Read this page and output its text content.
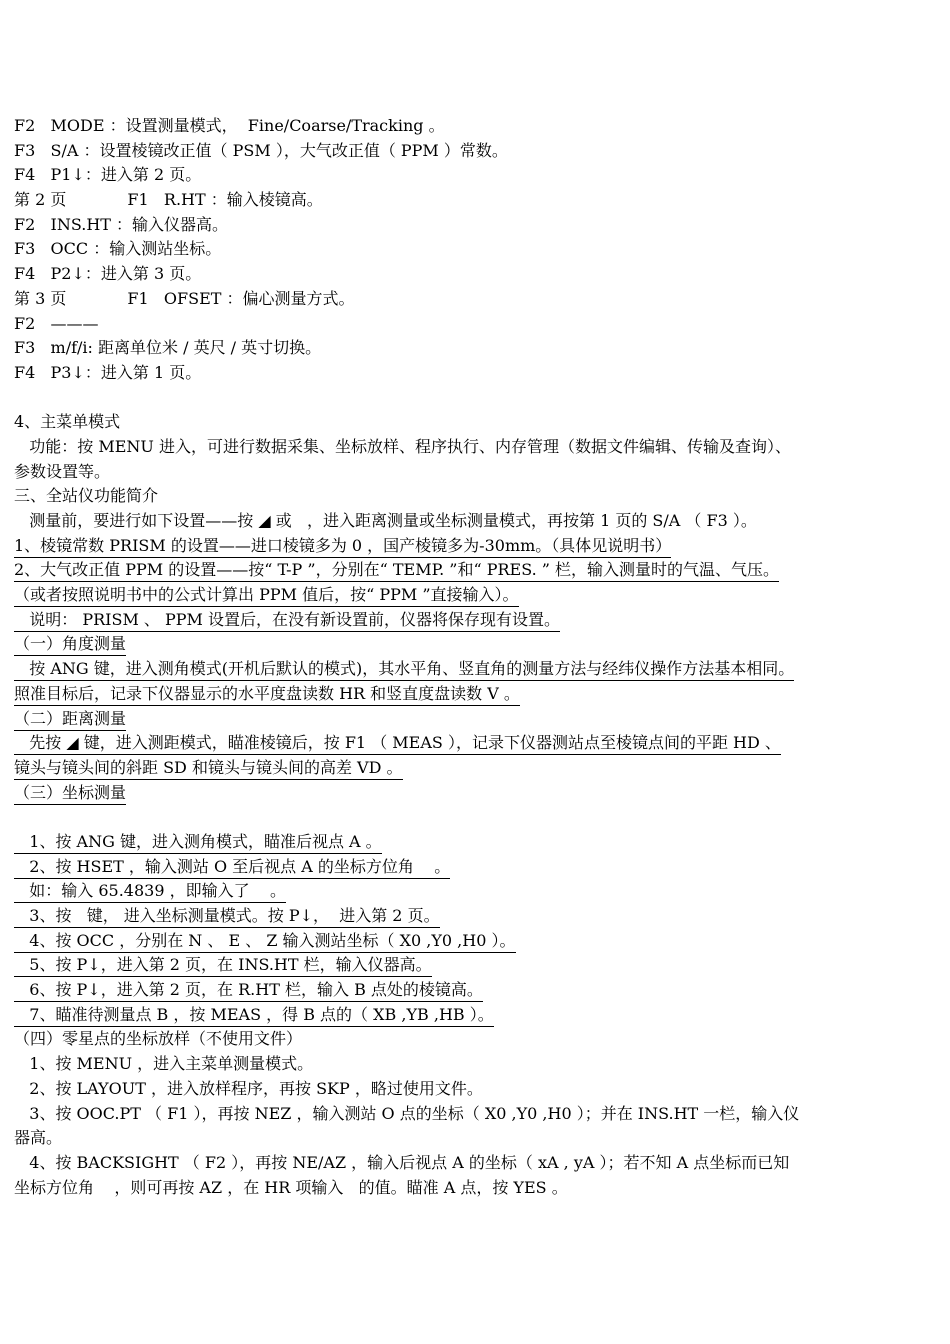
F2   MODE ：设置测量模式，  Fine/Coarse/Tracking 。
F3   S/A ：设置棱镜改正值（ PSM ），大气改正值（ PPM ）常数。
F4   P1↓：进入第 2 页。
第 2 页            F1   R.HT ：输入棱镜高。
F2   INS.HT ：输入仪器高。
F3   OCC ：输入测站坐标。
F4   P2↓：进入第 3 页。
第 3 页            F1   OFSET ：偏心测量方式。
F2   ———
F3   m/f/i: 距离单位米 / 英尺 / 英寸切换。
F4   P3↓：进入第 1 页。
4、主菜单模式
功能：按 MENU 进入，可进行数据采集、坐标放样、程序执行、内存管理（数据文件编辑、传输及查询）、
参数设置等。
三、全站仪功能简介
测量前，要进行如下设置——按 ◢ 或   ，进入距离测量或坐标测量模式，再按第 1 页的 S/A （ F3 ）。
1、棱镜常数 PRISM 的设置——进口棱镜多为 0 ，国产棱镜多为-30mm。（具体见说明书）
2、大气改正值 PPM 的设置——按“ T-P ”，分别在“ TEMP. ”和“ PRES. ” 栏，输入测量时的气温、气压。
（或者按照说明书中的公式计算出 PPM 值后，按“ PPM ”直接输入）。
说明： PRISM 、 PPM 设置后，在没有新设置前，仪器将保存现有设置。
（一）角度测量
按 ANG 键，进入测角模式(开机后默认的模式)，其水平角、竖直角的测量方法与经纬仪操作方法基本相同。
照准目标后，记录下仪器显示的水平度盘读数 HR 和竖直度盘读数 V 。
（二）距离测量
先按 ◢ 键，进入测距模式，瞄准棱镜后，按 F1 （ MEAS ），记录下仪器测站点至棱镜点间的平距 HD 、
镜头与镜头间的斜距 SD 和镜头与镜头间的高差 VD 。
（三）坐标测量
1、按 ANG 键，进入测角模式，瞄准后视点 A 。
2、按 HSET ，输入测站 O 至后视点 A 的坐标方位角    。
如：输入 65.4839 ，即输入了    。
3、按   键， 进入坐标测量模式。按 P↓，  进入第 2 页。
4、按 OCC ，分别在 N 、 E 、 Z 输入测站坐标（ X0 ,Y0 ,H0 ）。
5、按 P↓，进入第 2 页，在 INS.HT 栏，输入仪器高。
6、按 P↓，进入第 2 页，在 R.HT 栏，输入 B 点处的棱镜高。
7、瞄准待测量点 B ，按 MEAS ，得 B 点的（ XB ,YB ,HB ）。
（四）零星点的坐标放样（不使用文件）
1、按 MENU ，进入主菜单测量模式。
2、按 LAYOUT ，进入放样程序，再按 SKP ，略过使用文件。
3、按 OOC.PT （ F1 ），再按 NEZ ，输入测站 O 点的坐标（ X0 ,Y0 ,H0 ）；并在 INS.HT 一栏，输入仪
器高。
4、按 BACKSIGHT （ F2 ），再按 NE/AZ ，输入后视点 A 的坐标（ xA , yA ）；若不知 A 点坐标而已知
坐标方位角    ，则可再按 AZ ，在 HR 项输入   的值。瞄准 A 点，按 YES 。
